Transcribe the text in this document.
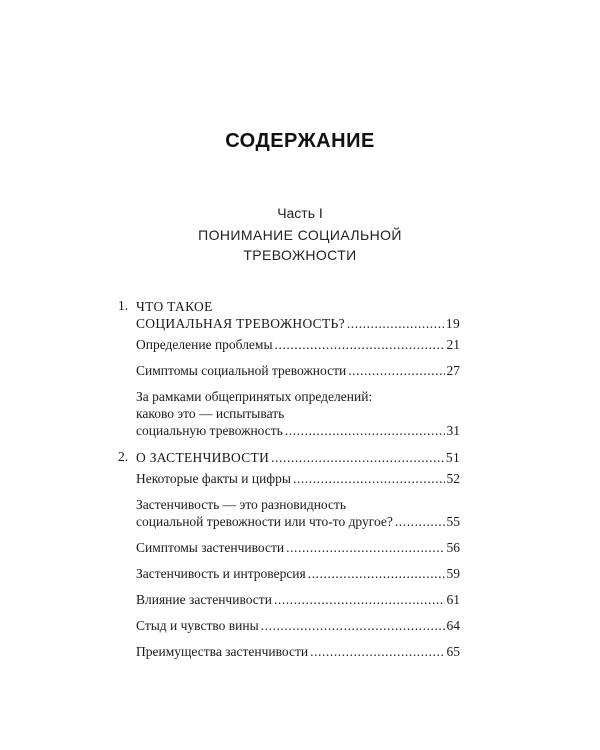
СОДЕРЖАНИЕ
Часть I
ПОНИМАНИЕ СОЦИАЛЬНОЙ
ТРЕВОЖНОСТИ
1. ЧТО ТАКОЕ
СОЦИАЛЬНАЯ ТРЕВОЖНОСТЬ? . . .	19
Определение проблемы . . .	21
Симптомы социальной тревожности . . .	27
За рамками общепринятых определений:
каково это — испытывать
социальную тревожность . . .	31
2. О ЗАСТЕНЧИВОСТИ . . .	51
Некоторые факты и цифры . . .	52
Застенчивость — это разновидность
социальной тревожности или что-то другое? . . .	55
Симптомы застенчивости . . .	56
Застенчивость и интроверсия . . .	59
Влияние застенчивости . . .	61
Стыд и чувство вины . . .	64
Преимущества застенчивости . . .	65
